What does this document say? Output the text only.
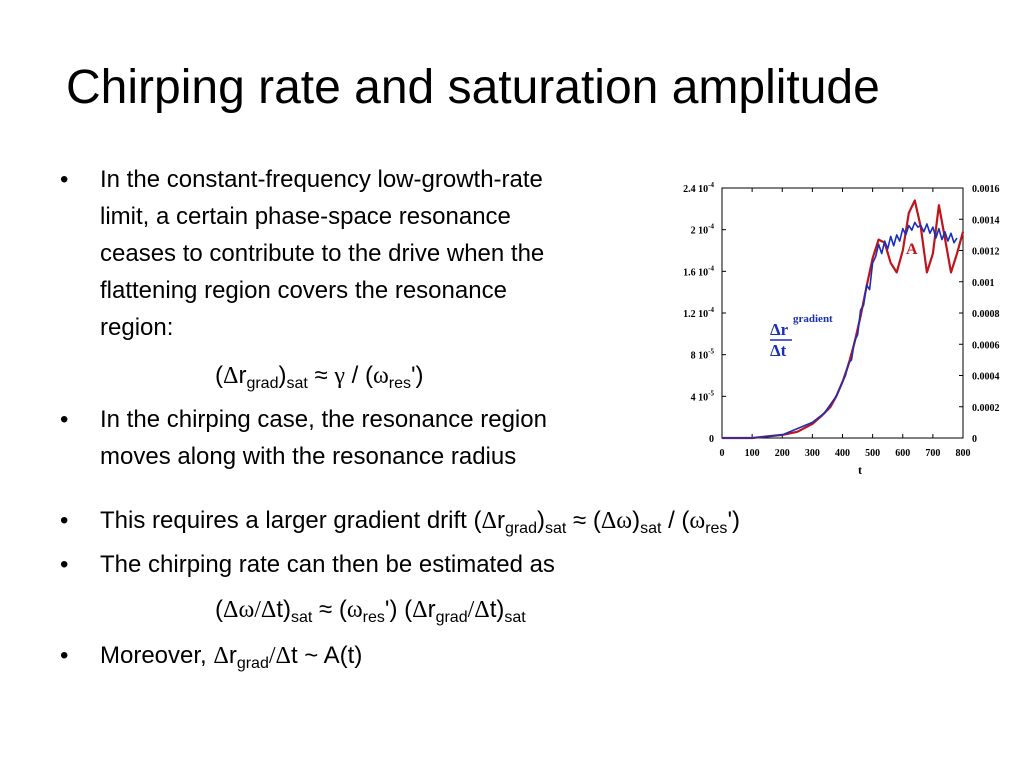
Chirping rate and saturation amplitude
• In the constant-frequency low-growth-rate
limit, a certain phase-space resonance
ceases to contribute to the drive when the
flattening region covers the resonance
region:
$(\Delta r_{grad})_{sat} \approx \gamma / (\omega_{res}')$
• In the chirping case, the resonance region
moves along with the resonance radius
• This requires a larger gradient drift $(\Delta r_{grad})_{sat} \approx (\Delta\omega)_{sat} / (\omega_{res}')$
• The chirping rate can then be estimated as
$(\Delta\omega/\Delta t)_{sat} \approx (\omega_{res}')$ $(\Delta r_{grad}/\Delta t)_{sat}$
• Moreover, $\Delta r_{grad}/\Delta t$ ~ A(t)
0 100 200 300 400 500 600 700 800
0
4 $10^{-5}$
8 $10^{-5}$
1.2 $10^{-4}$
1.6 $10^{-4}$
2 $10^{-4}$
2.4 $10^{-4}$
0
0.0002
0.0004
0.0006
0.0008
0.001
0.0012
0.0014
0.0016
A
Δr
gradient
Δt
t
